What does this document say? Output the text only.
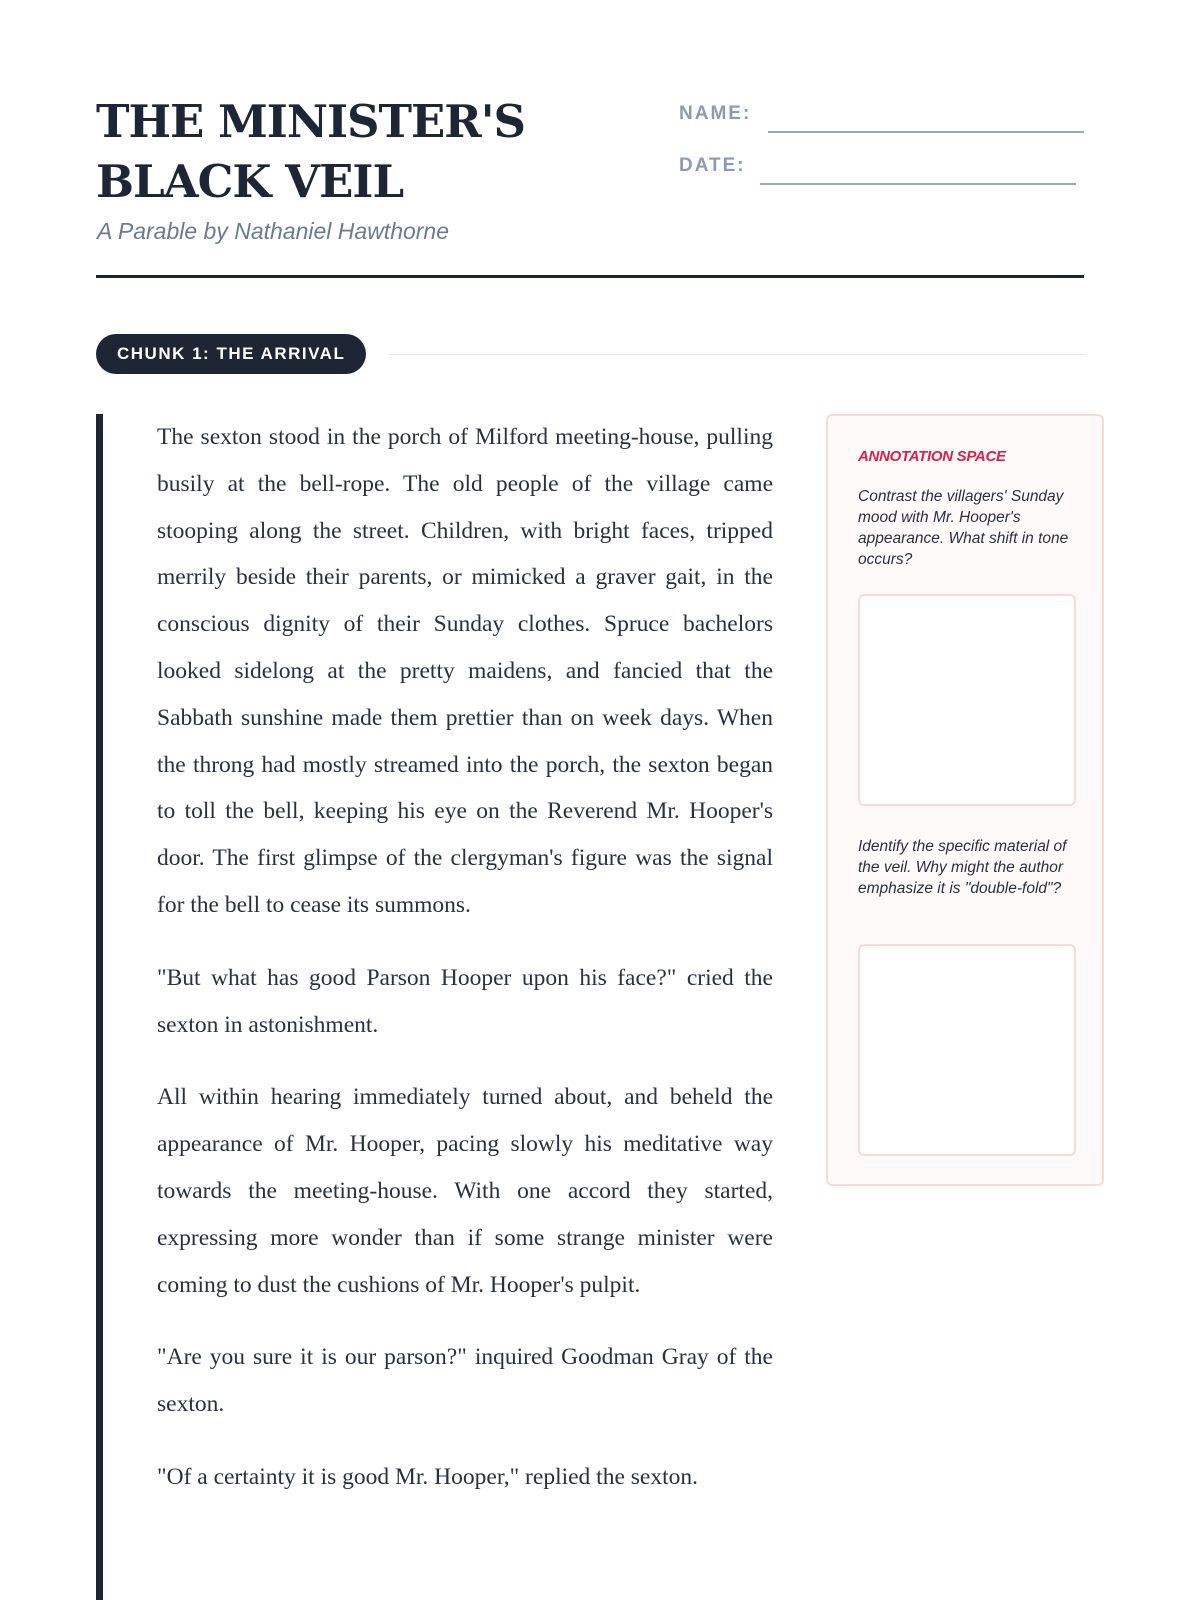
THE MINISTER'S BLACK VEIL

A Parable by Nathaniel Hawthorne

NAME:
DATE:
CHUNK 1: THE ARRIVAL

The sexton stood in the porch of Milford meeting-house, pulling busily at the bell-rope. The old people of the village came stooping along the street. Children, with bright faces, tripped merrily beside their parents, or mimicked a graver gait, in the conscious dignity of their Sunday clothes. Spruce bachelors looked sidelong at the pretty maidens, and fancied that the Sabbath sunshine made them prettier than on week days. When the throng had mostly streamed into the porch, the sexton began to toll the bell, keeping his eye on the Reverend Mr. Hooper's door. The first glimpse of the clergyman's figure was the signal for the bell to cease its summons.

"But what has good Parson Hooper upon his face?" cried the sexton in astonishment.

All within hearing immediately turned about, and beheld the appearance of Mr. Hooper, pacing slowly his meditative way towards the meeting-house. With one accord they started, expressing more wonder than if some strange minister were coming to dust the cushions of Mr. Hooper's pulpit.

"Are you sure it is our parson?" inquired Goodman Gray of the sexton.

"Of a certainty it is good Mr. Hooper," replied the sexton.

ANNOTATION SPACE

Contrast the villagers' Sunday mood with Mr. Hooper's appearance. What shift in tone occurs?

Identify the specific material of the veil. Why might the author emphasize it is "double-fold"?
